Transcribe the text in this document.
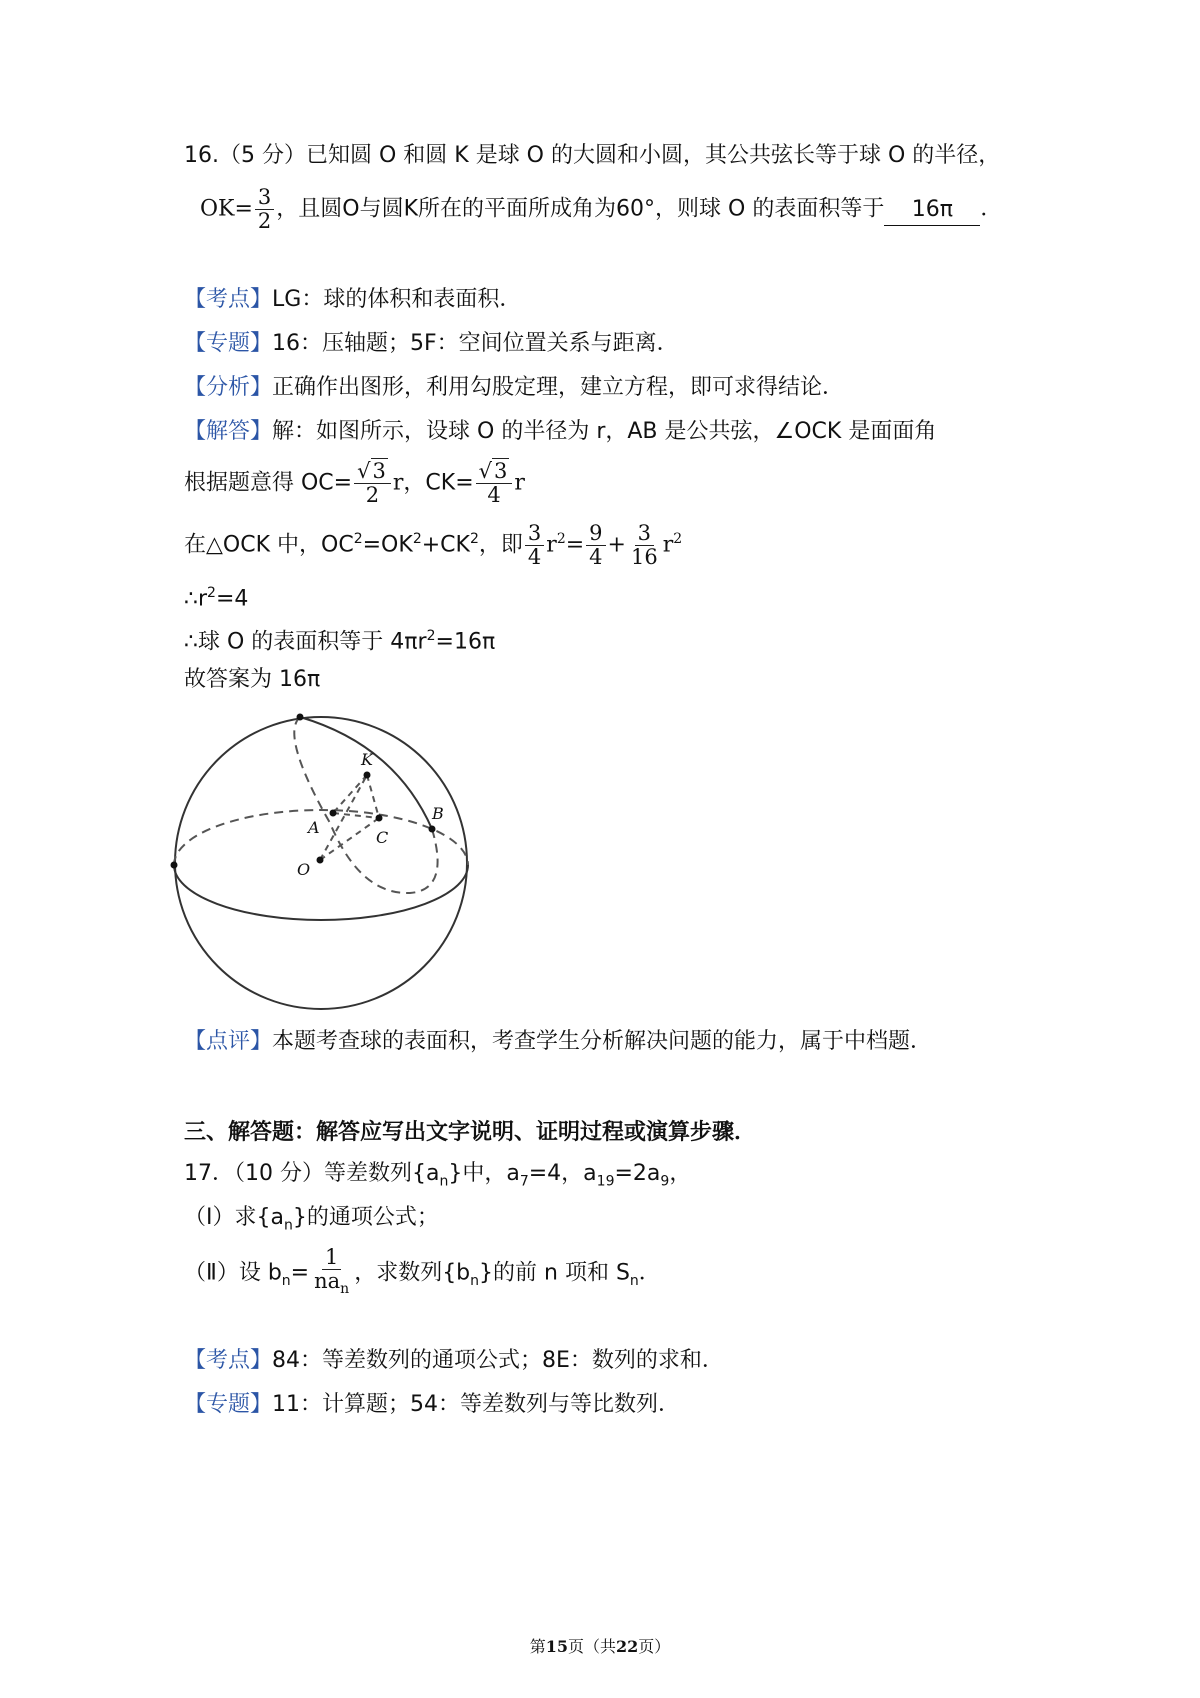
16.（5 分）已知圆 O 和圆 K 是球 O 的大圆和小圆，其公共弦长等于球 O 的半径，
$OK= \frac{3}{2}$ ，且圆O与圆K所在的平面所成角为60°，则球 O 的表面积等于 16π ．
【考点】LG：球的体积和表面积．
【专题】16：压轴题；5F：空间位置关系与距离．
【分析】正确作出图形，利用勾股定理，建立方程，即可求得结论．
【解答】解：如图所示，设球 O 的半径为 r，AB 是公共弦，∠OCK 是面面角
根据题意得 $OC= \frac{√3}{2}$ r，$CK= \frac{√3}{4}$ r
在△OCK 中，$OC^2=OK^2+CK^2$，即 $\frac{3}{4} r^2= \frac{9}{4} + \frac{3}{16} r^2$
$\therefore r^2=4$
∴球 O 的表面积等于 $4\pi r^2=16\pi$
故答案为 16π
K
A
C
B
O
【点评】本题考查球的表面积，考查学生分析解决问题的能力，属于中档题．
三、解答题：解答应写出文字说明、证明过程或演算步骤．
17．（10 分）等差数列$\{a_n\}$中，$a_7=4$，$a_{19}=2a_9$，
（Ⅰ）求$\{a_n\}$的通项公式；
（Ⅱ）设 $b_n= \frac{1}{na_n}$ ，求数列$\{b_n\}$的前 n 项和 $S_n$．
【考点】84：等差数列的通项公式；8E：数列的求和．
【专题】11：计算题；54：等差数列与等比数列．
第15页（共22页）
